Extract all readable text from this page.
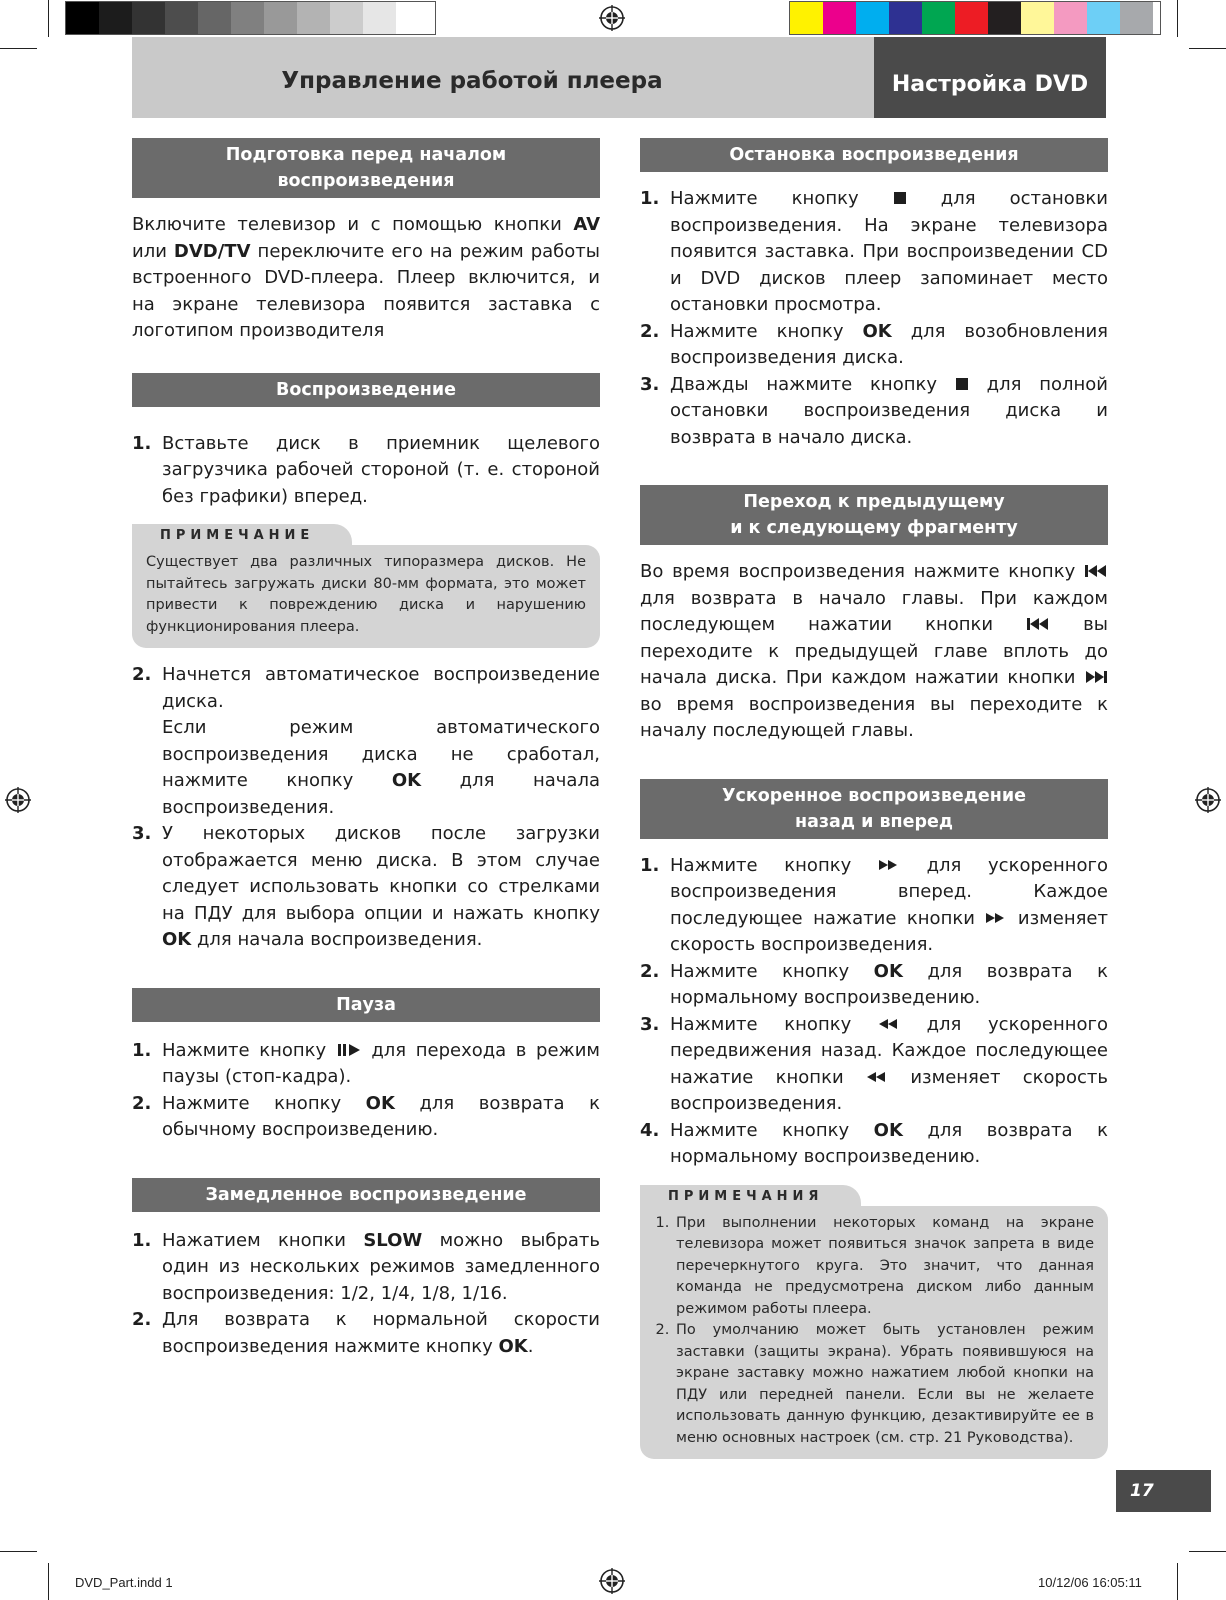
Управление работой плеера	Настройка DVD
Подготовка перед началом воспроизведения

Включите телевизор и с помощью кнопки AV или DVD/TV переключите его на режим работы встроенного DVD-плеера. Плеер включится, и на экране телевизора появится заставка с логотипом производителя

Воспроизведение
1. Вставьте диск в приемник щелевого загрузчика рабочей стороной (т. е. стороной без графики) вперед.
ПРИМЕЧАНИЕ
Существует два различных типоразмера дисков. Не пытайтесь загружать диски 80-мм формата, это может привести к повреждению диска и нарушению функционирования плеера.
2. Начнется автоматическое воспроизведение диска.
Если режим автоматического воспроизведения диска не сработал, нажмите кнопку OK для начала воспроизведения.
3. У некоторых дисков после загрузки отображается меню диска. В этом случае следует использовать кнопки со стрелками на ПДУ для выбора опции и нажать кнопку OK для начала воспроизведения.
Пауза
1. Нажмите кнопку  для перехода в режим паузы (стоп-кадра).
2. Нажмите кнопку OK для возврата к обычному воспроизведению.
Замедленное воспроизведение
1. Нажатием кнопки SLOW можно выбрать один из нескольких режимов замедленного воспроизведения: 1/2, 1/4, 1/8, 1/16.
2. Для возврата к нормальной скорости воспроизведения нажмите кнопку OK.
Остановка воспроизведения
1. Нажмите кнопку  для остановки воспроизведения. На экране телевизора появится заставка. При воспроизведении CD и DVD дисков плеер запоминает место остановки просмотра.
2. Нажмите кнопку OK для возобновления воспроизведения диска.
3. Дважды нажмите кнопку  для полной остановки воспроизведения диска и возврата в начало диска.
Переход к предыдущему
и к следующему фрагменту

Во время воспроизведения нажмите кнопку  для возврата в начало главы. При каждом последующем нажатии кнопки  вы переходите к предыдущей главе вплоть до начала диска. При каждом нажатии кнопки  во время воспроизведения вы переходите к началу последующей главы.

Ускоренное воспроизведение
назад и вперед
1. Нажмите кнопку  для ускоренного воспроизведения вперед. Каждое последующее нажатие кнопки  изменяет скорость воспроизведения.
2. Нажмите кнопку OK для возврата к нормальному воспроизведению.
3. Нажмите кнопку  для ускоренного передвижения назад. Каждое последующее нажатие кнопки  изменяет скорость воспроизведения.
4. Нажмите кнопку OK для возврата к нормальному воспроизведению.
ПРИМЕЧАНИЯ
1. При выполнении некоторых команд на экране телевизора может появиться значок запрета в виде перечеркнутого круга. Это значит, что данная команда не предусмотрена диском либо данным режимом работы плеера.
2. По умолчанию может быть установлен режим заставки (защиты экрана). Убрать появившуюся на экране заставку можно нажатием любой кнопки на ПДУ или передней панели. Если вы не желаете использовать данную функцию, дезактивируйте ее в меню основных настроек (см. стр. 21 Руководства).
17
DVD_Part.indd 1	10/12/06 16:05:11
